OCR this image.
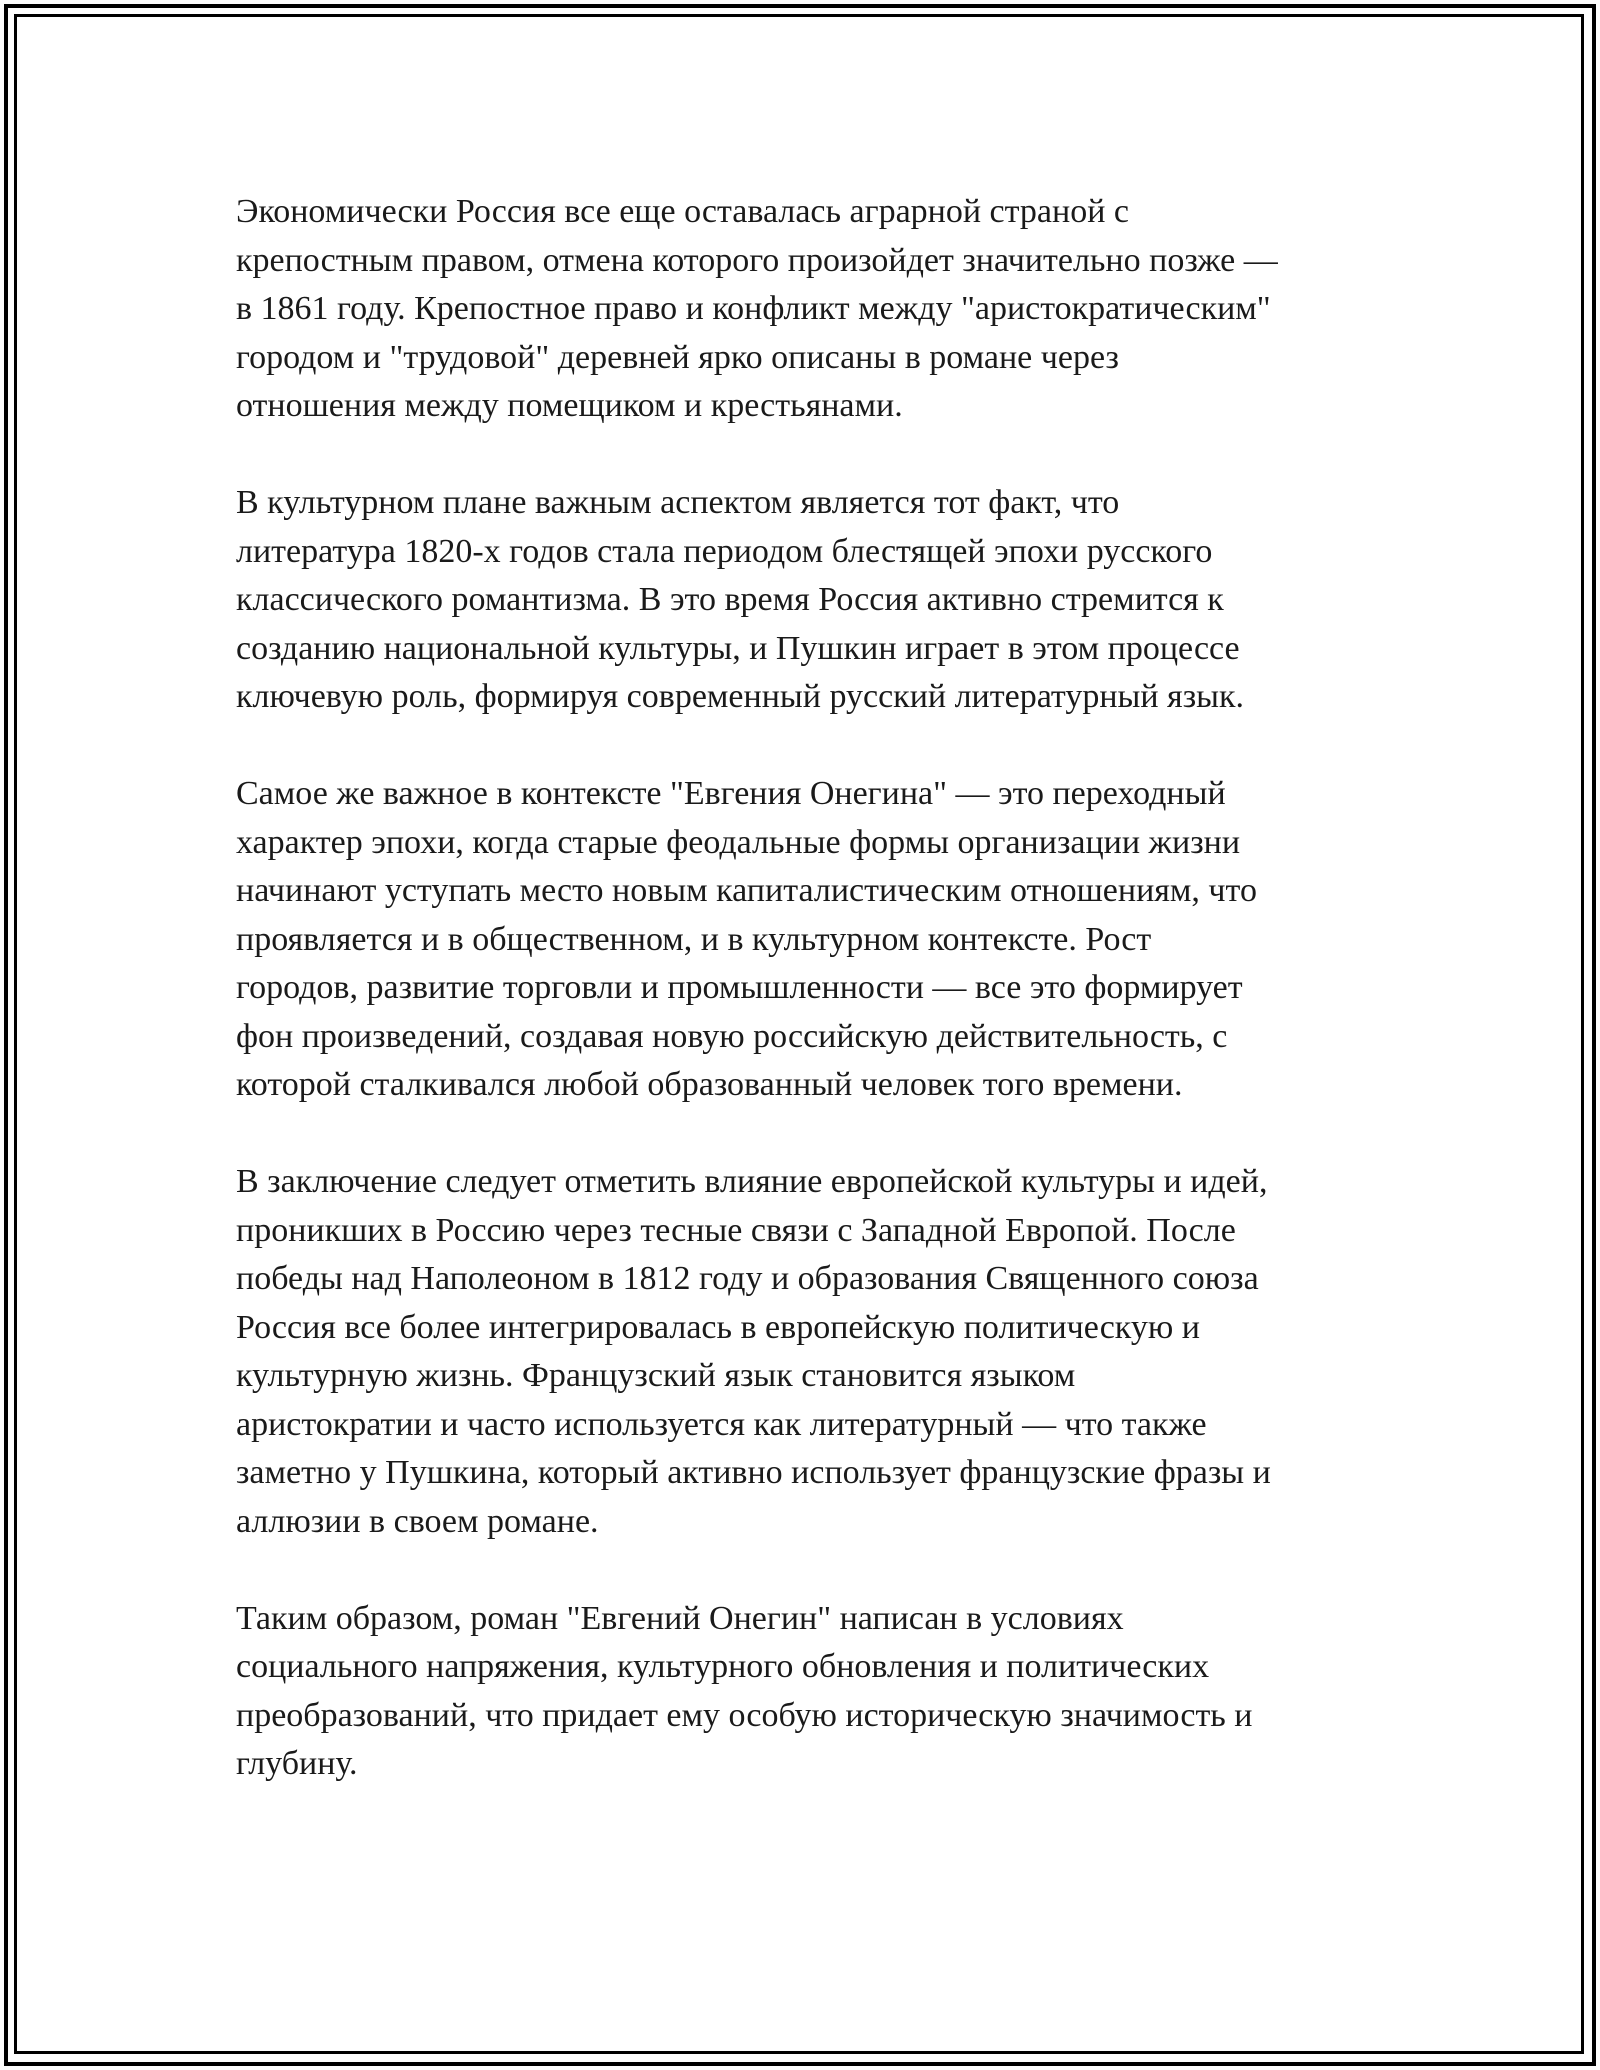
Экономически Россия все еще оставалась аграрной страной с
крепостным правом, отмена которого произойдет значительно позже —
в 1861 году. Крепостное право и конфликт между "аристократическим"
городом и "трудовой" деревней ярко описаны в романе через
отношения между помещиком и крестьянами.

В культурном плане важным аспектом является тот факт, что
литература 1820-х годов стала периодом блестящей эпохи русского
классического романтизма. В это время Россия активно стремится к
созданию национальной культуры, и Пушкин играет в этом процессе
ключевую роль, формируя современный русский литературный язык.

Самое же важное в контексте "Евгения Онегина" — это переходный
характер эпохи, когда старые феодальные формы организации жизни
начинают уступать место новым капиталистическим отношениям, что
проявляется и в общественном, и в культурном контексте. Рост
городов, развитие торговли и промышленности — все это формирует
фон произведений, создавая новую российскую действительность, с
которой сталкивался любой образованный человек того времени.

В заключение следует отметить влияние европейской культуры и идей,
проникших в Россию через тесные связи с Западной Европой. После
победы над Наполеоном в 1812 году и образования Священного союза
Россия все более интегрировалась в европейскую политическую и
культурную жизнь. Французский язык становится языком
аристократии и часто используется как литературный — что также
заметно у Пушкина, который активно использует французские фразы и
аллюзии в своем романе.

Таким образом, роман "Евгений Онегин" написан в условиях
социального напряжения, культурного обновления и политических
преобразований, что придает ему особую историческую значимость и
глубину.
